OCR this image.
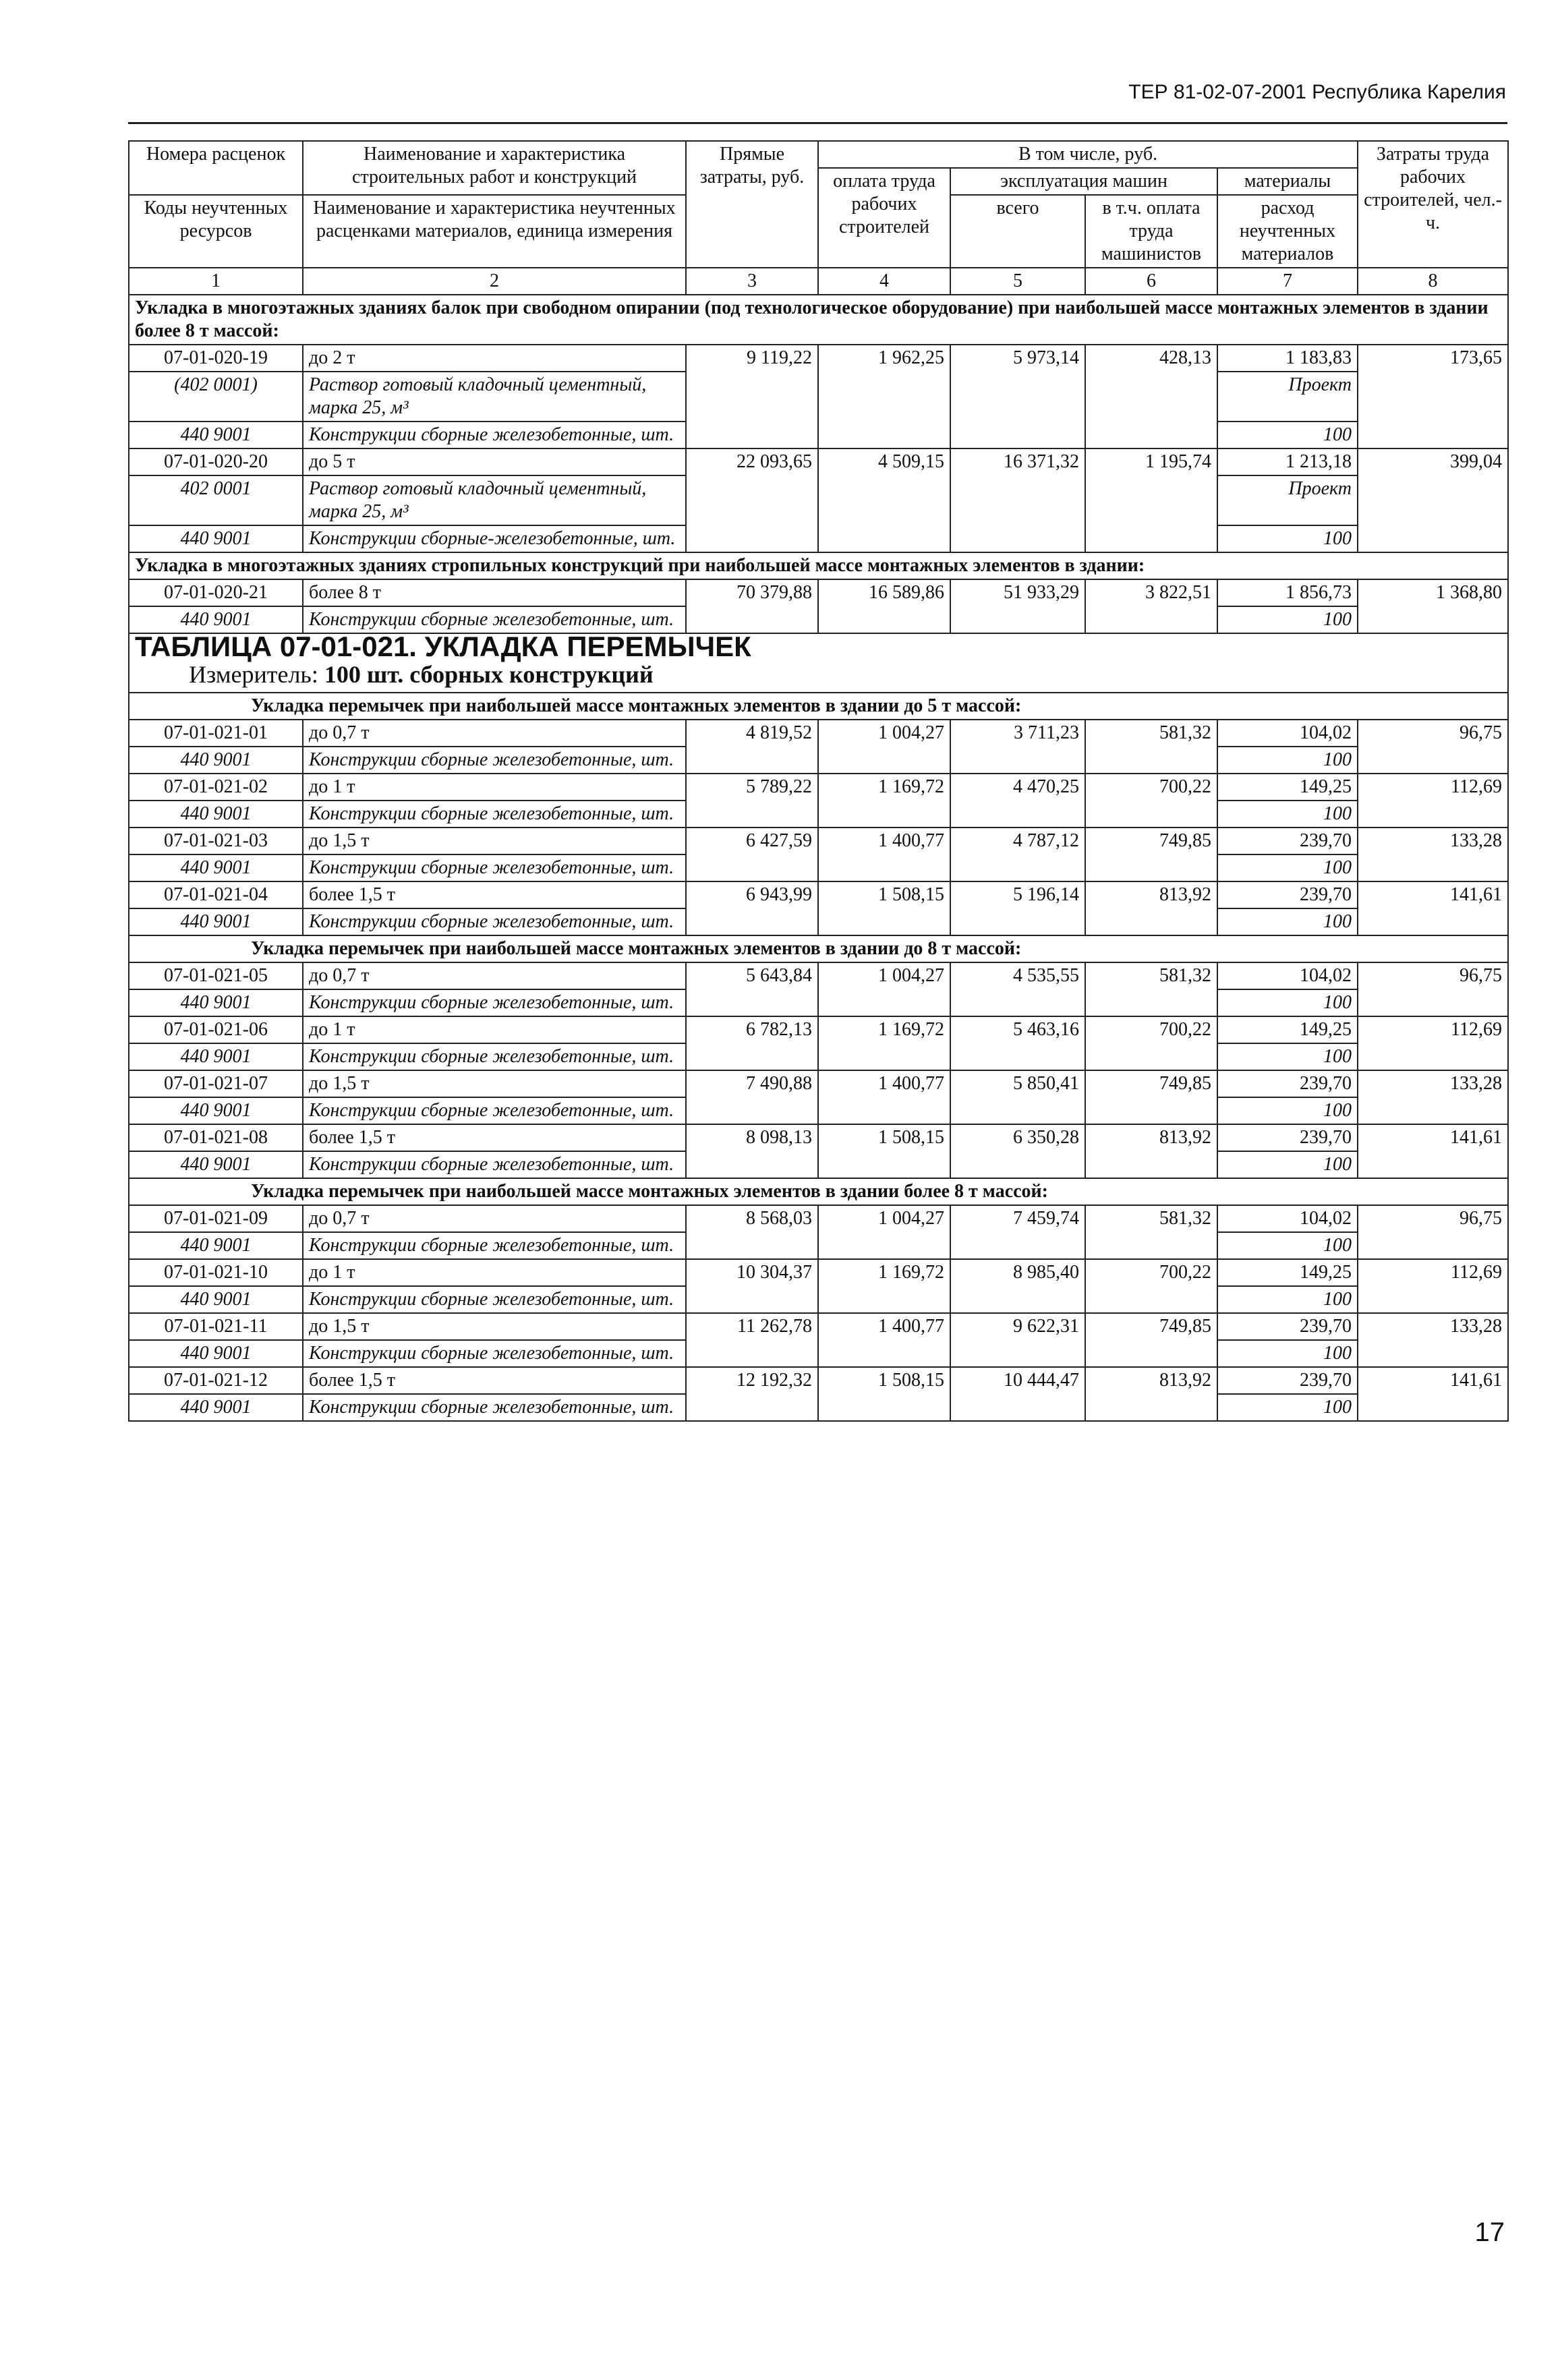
ТЕР 81-02-07-2001 Республика Карелия
Номера расценок	Наименование и характеристика строительных работ и конструкций	Прямые затраты, руб.	В том числе, руб.				Затраты труда рабочих строителей, чел.-ч.
			оплата труда рабочих строителей	эксплуатация машин		материалы	
Коды неучтенных ресурсов	Наименование и характеристика неучтенных расценками материалов, единица измерения			всего	в т.ч. оплата труда машинистов	расход неучтенных материалов	

1	2	3	4	5	6	7	8
Укладка в многоэтажных зданиях балок при свободном опирании (под технологическое оборудование) при наибольшей массе монтажных элементов в здании более 8 т массой:							
07-01-020-19	до 2 т	9 119,22	1 962,25	5 973,14	428,13	1 183,83	173,65
(402 0001)	Раствор готовый кладочный цементный, марка 25, м³					Проект	
440 9001	Конструкции сборные железобетонные, шт.					100	
07-01-020-20	до 5 т	22 093,65	4 509,15	16 371,32	1 195,74	1 213,18	399,04
402 0001	Раствор готовый кладочный цементный, марка 25, м³					Проект	
440 9001	Конструкции сборные-железобетонные, шт.					100	
Укладка в многоэтажных зданиях стропильных конструкций при наибольшей массе монтажных элементов в здании:							
07-01-020-21	более 8 т	70 379,88	16 589,86	51 933,29	3 822,51	1 856,73	1 368,80
440 9001	Конструкции сборные железобетонные, шт.					100	

ТАБЛИЦА 07-01-021. УКЛАДКА ПЕРЕМЫЧЕК
Измеритель: 100 шт. сборных конструкций							

Укладка перемычек при наибольшей массе монтажных элементов в здании до 5 т массой:							
07-01-021-01	до 0,7 т	4 819,52	1 004,27	3 711,23	581,32	104,02	96,75
440 9001	Конструкции сборные железобетонные, шт.					100	
07-01-021-02	до 1 т	5 789,22	1 169,72	4 470,25	700,22	149,25	112,69
440 9001	Конструкции сборные железобетонные, шт.					100	
07-01-021-03	до 1,5 т	6 427,59	1 400,77	4 787,12	749,85	239,70	133,28
440 9001	Конструкции сборные железобетонные, шт.					100	
07-01-021-04	более 1,5 т	6 943,99	1 508,15	5 196,14	813,92	239,70	141,61
440 9001	Конструкции сборные железобетонные, шт.					100	
Укладка перемычек при наибольшей массе монтажных элементов в здании до 8 т массой:							
07-01-021-05	до 0,7 т	5 643,84	1 004,27	4 535,55	581,32	104,02	96,75
440 9001	Конструкции сборные железобетонные, шт.					100	
07-01-021-06	до 1 т	6 782,13	1 169,72	5 463,16	700,22	149,25	112,69
440 9001	Конструкции сборные железобетонные, шт.					100	
07-01-021-07	до 1,5 т	7 490,88	1 400,77	5 850,41	749,85	239,70	133,28
440 9001	Конструкции сборные железобетонные, шт.					100	
07-01-021-08	более 1,5 т	8 098,13	1 508,15	6 350,28	813,92	239,70	141,61
440 9001	Конструкции сборные железобетонные, шт.					100	
Укладка перемычек при наибольшей массе монтажных элементов в здании более 8 т массой:							
07-01-021-09	до 0,7 т	8 568,03	1 004,27	7 459,74	581,32	104,02	96,75
440 9001	Конструкции сборные железобетонные, шт.					100	
07-01-021-10	до 1 т	10 304,37	1 169,72	8 985,40	700,22	149,25	112,69
440 9001	Конструкции сборные железобетонные, шт.					100	
07-01-021-11	до 1,5 т	11 262,78	1 400,77	9 622,31	749,85	239,70	133,28
440 9001	Конструкции сборные железобетонные, шт.					100	
07-01-021-12	более 1,5 т	12 192,32	1 508,15	10 444,47	813,92	239,70	141,61
440 9001	Конструкции сборные железобетонные, шт.					100	
17
